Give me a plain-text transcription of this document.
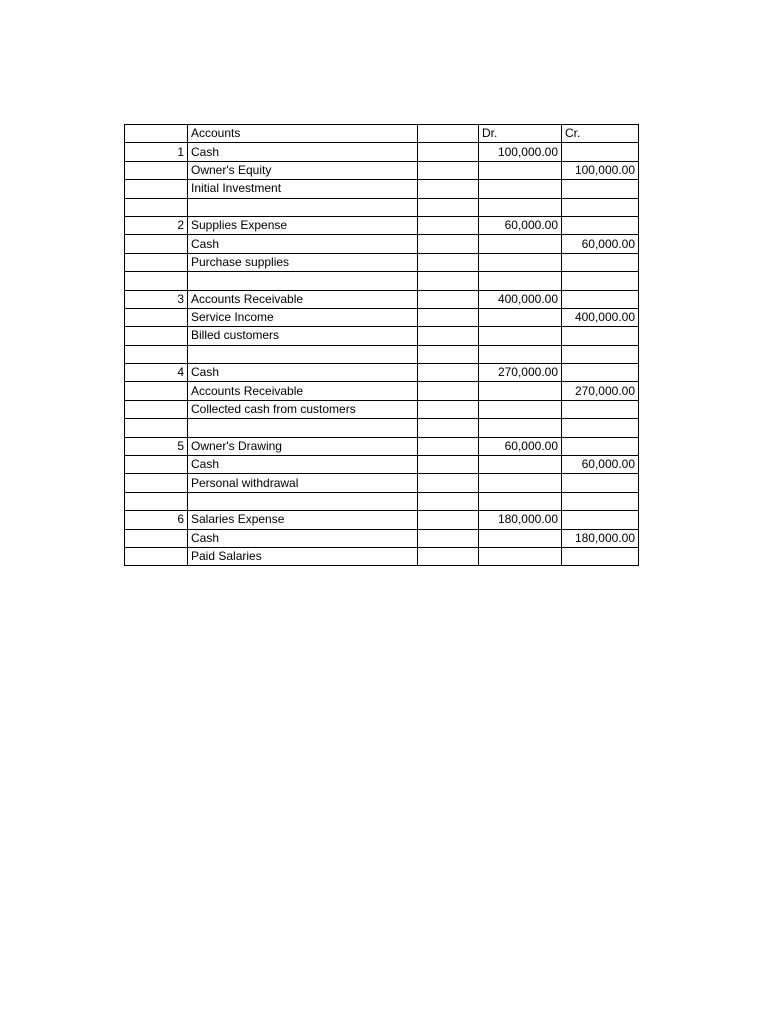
	Accounts		Dr.	Cr.
1	Cash		100,000.00	
	Owner's Equity			100,000.00
	Initial Investment			

2	Supplies Expense		60,000.00	
	Cash			60,000.00
	Purchase supplies			

3	Accounts Receivable		400,000.00	
	Service Income			400,000.00
	Billed customers			

4	Cash		270,000.00	
	Accounts Receivable			270,000.00
	Collected cash from customers			

5	Owner's Drawing		60,000.00	
	Cash			60,000.00
	Personal withdrawal			

6	Salaries Expense		180,000.00	
	Cash			180,000.00
	Paid Salaries			
